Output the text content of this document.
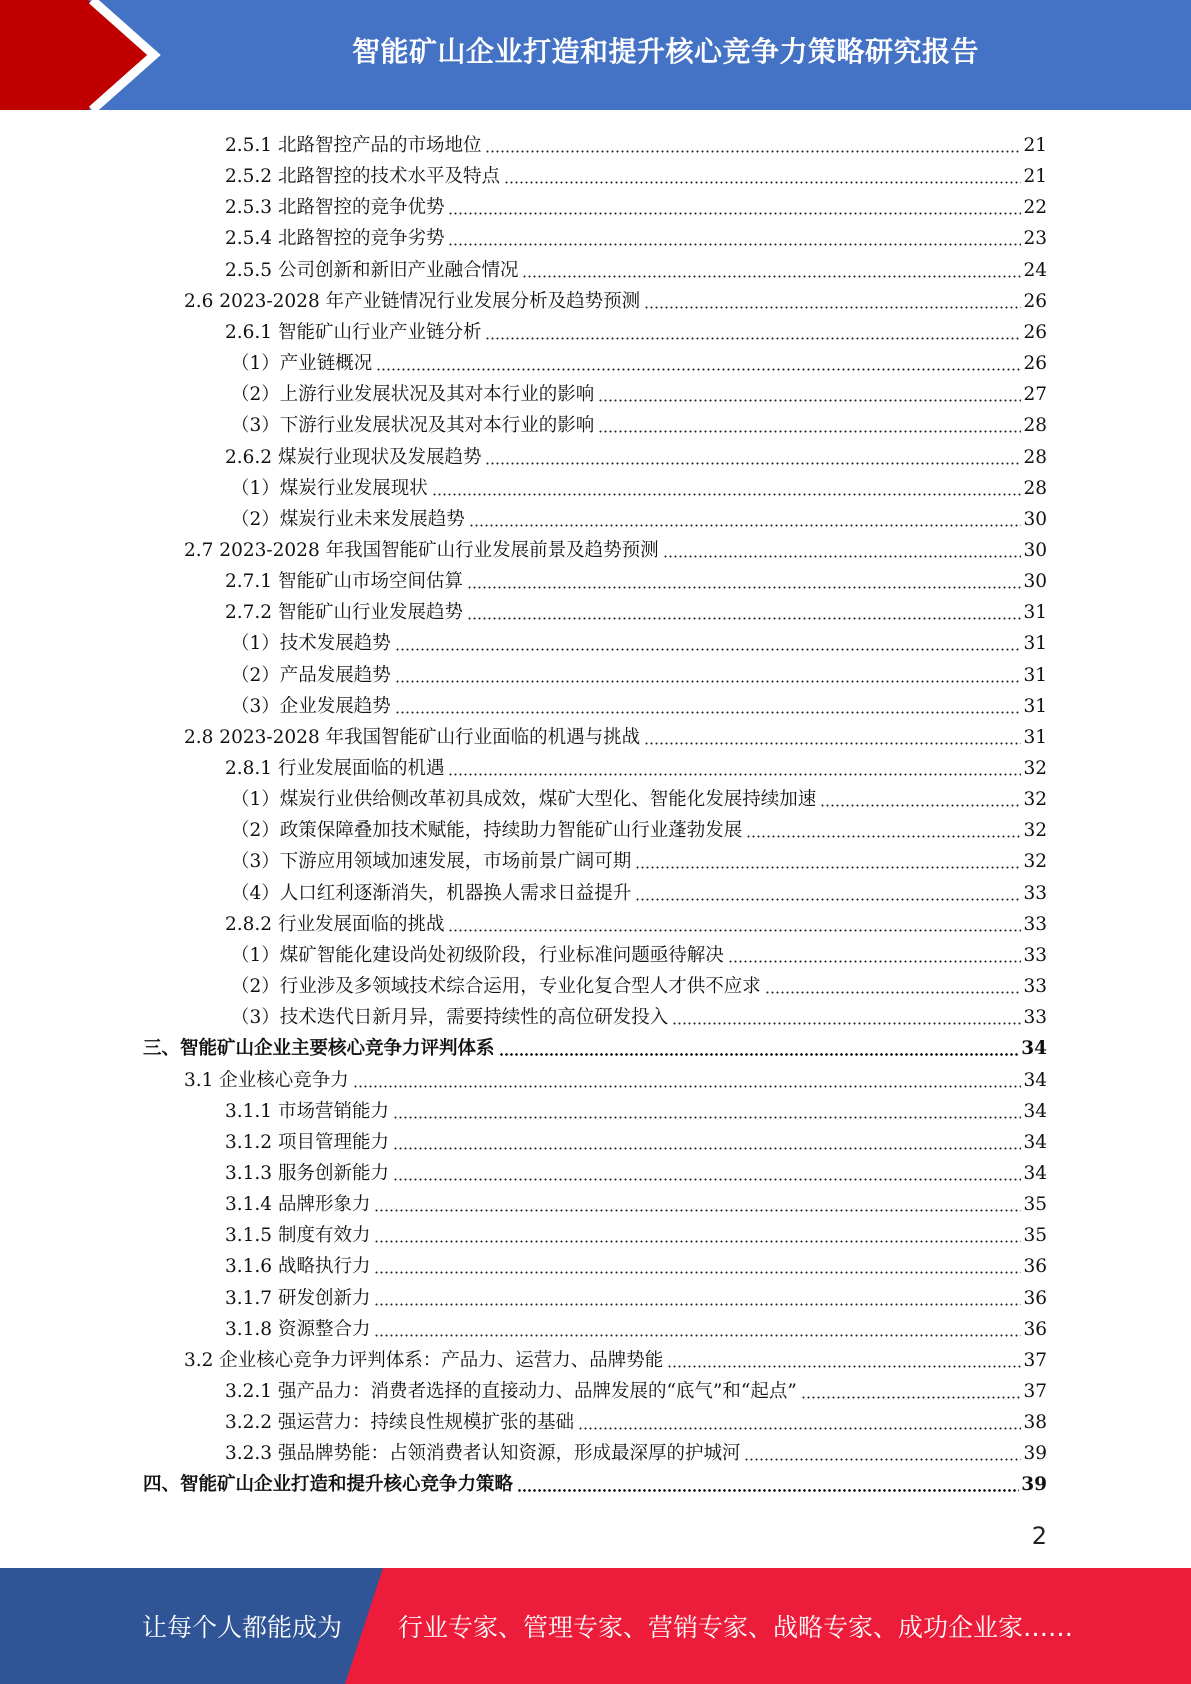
智能矿山企业打造和提升核心竞争力策略研究报告
2.5.1 北路智控产品的市场地位	21
2.5.2 北路智控的技术水平及特点	21
2.5.3 北路智控的竞争优势	22
2.5.4 北路智控的竞争劣势	23
2.5.5 公司创新和新旧产业融合情况	24
2.6 2023-2028 年产业链情况行业发展分析及趋势预测	26
2.6.1 智能矿山行业产业链分析	26
（1）产业链概况	26
（2）上游行业发展状况及其对本行业的影响	27
（3）下游行业发展状况及其对本行业的影响	28
2.6.2 煤炭行业现状及发展趋势	28
（1）煤炭行业发展现状	28
（2）煤炭行业未来发展趋势	30
2.7 2023-2028 年我国智能矿山行业发展前景及趋势预测	30
2.7.1 智能矿山市场空间估算	30
2.7.2 智能矿山行业发展趋势	31
（1）技术发展趋势	31
（2）产品发展趋势	31
（3）企业发展趋势	31
2.8 2023-2028 年我国智能矿山行业面临的机遇与挑战	31
2.8.1 行业发展面临的机遇	32
（1）煤炭行业供给侧改革初具成效，煤矿大型化、智能化发展持续加速	32
（2）政策保障叠加技术赋能，持续助力智能矿山行业蓬勃发展	32
（3）下游应用领域加速发展，市场前景广阔可期	32
（4）人口红利逐渐消失，机器换人需求日益提升	33
2.8.2 行业发展面临的挑战	33
（1）煤矿智能化建设尚处初级阶段，行业标准问题亟待解决	33
（2）行业涉及多领域技术综合运用，专业化复合型人才供不应求	33
（3）技术迭代日新月异，需要持续性的高位研发投入	33
三、智能矿山企业主要核心竞争力评判体系	34
3.1 企业核心竞争力	34
3.1.1 市场营销能力	34
3.1.2 项目管理能力	34
3.1.3 服务创新能力	34
3.1.4 品牌形象力	35
3.1.5 制度有效力	35
3.1.6 战略执行力	36
3.1.7 研发创新力	36
3.1.8 资源整合力	36
3.2 企业核心竞争力评判体系：产品力、运营力、品牌势能	37
3.2.1 强产品力：消费者选择的直接动力、品牌发展的“底气”和“起点”	37
3.2.2 强运营力：持续良性规模扩张的基础	38
3.2.3 强品牌势能：占领消费者认知资源，形成最深厚的护城河	39
四、智能矿山企业打造和提升核心竞争力策略	39
2
让每个人都能成为 行业专家、管理专家、营销专家、战略专家、成功企业家……
